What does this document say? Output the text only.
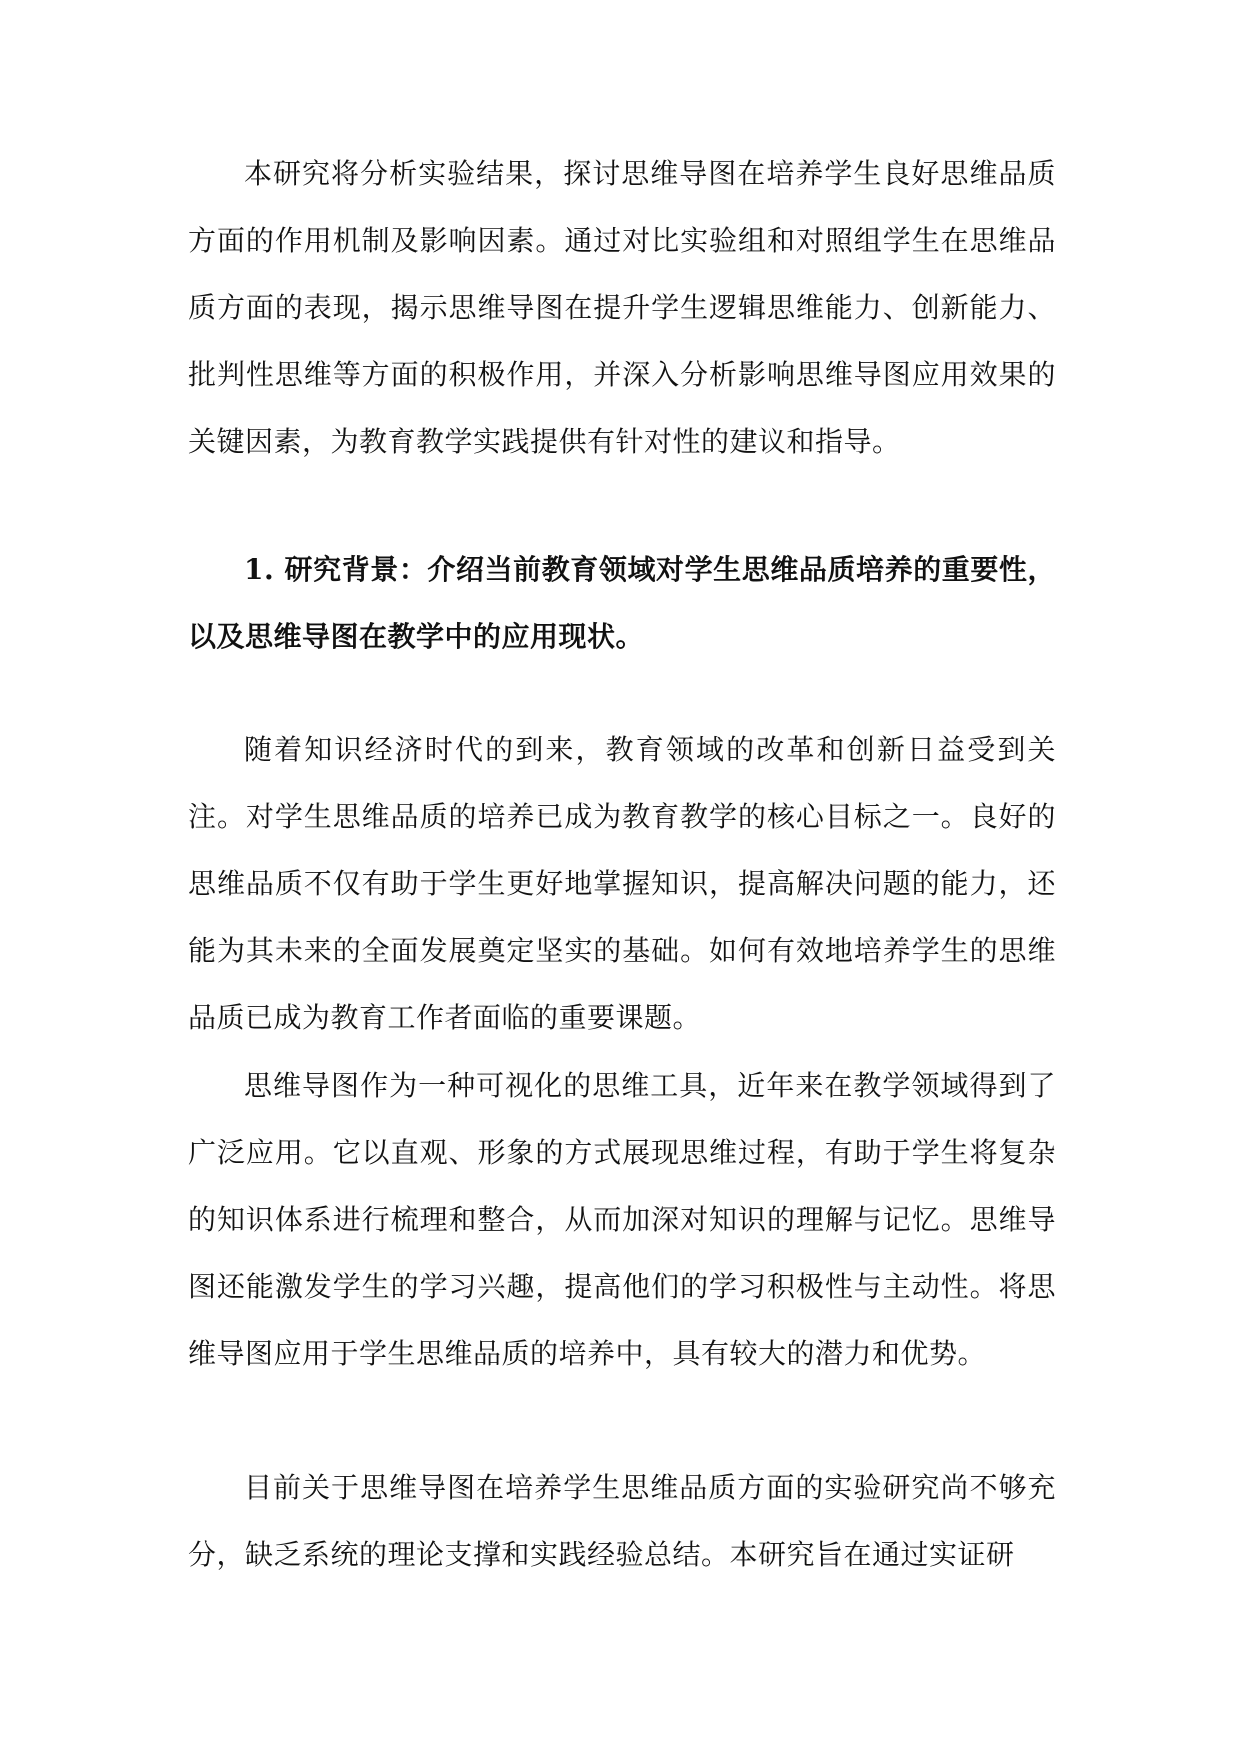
本研究将分析实验结果，探讨思维导图在培养学生良好思维品质方面的作用机制及影响因素。通过对比实验组和对照组学生在思维品质方面的表现，揭示思维导图在提升学生逻辑思维能力、创新能力、批判性思维等方面的积极作用，并深入分析影响思维导图应用效果的关键因素，为教育教学实践提供有针对性的建议和指导。

1. 研究背景：介绍当前教育领域对学生思维品质培养的重要性，以及思维导图在教学中的应用现状。

随着知识经济时代的到来，教育领域的改革和创新日益受到关注。对学生思维品质的培养已成为教育教学的核心目标之一。良好的思维品质不仅有助于学生更好地掌握知识，提高解决问题的能力，还能为其未来的全面发展奠定坚实的基础。如何有效地培养学生的思维品质已成为教育工作者面临的重要课题。

思维导图作为一种可视化的思维工具，近年来在教学领域得到了广泛应用。它以直观、形象的方式展现思维过程，有助于学生将复杂的知识体系进行梳理和整合，从而加深对知识的理解与记忆。思维导图还能激发学生的学习兴趣，提高他们的学习积极性与主动性。将思维导图应用于学生思维品质的培养中，具有较大的潜力和优势。

目前关于思维导图在培养学生思维品质方面的实验研究尚不够充分，缺乏系统的理论支撑和实践经验总结。本研究旨在通过实证研
